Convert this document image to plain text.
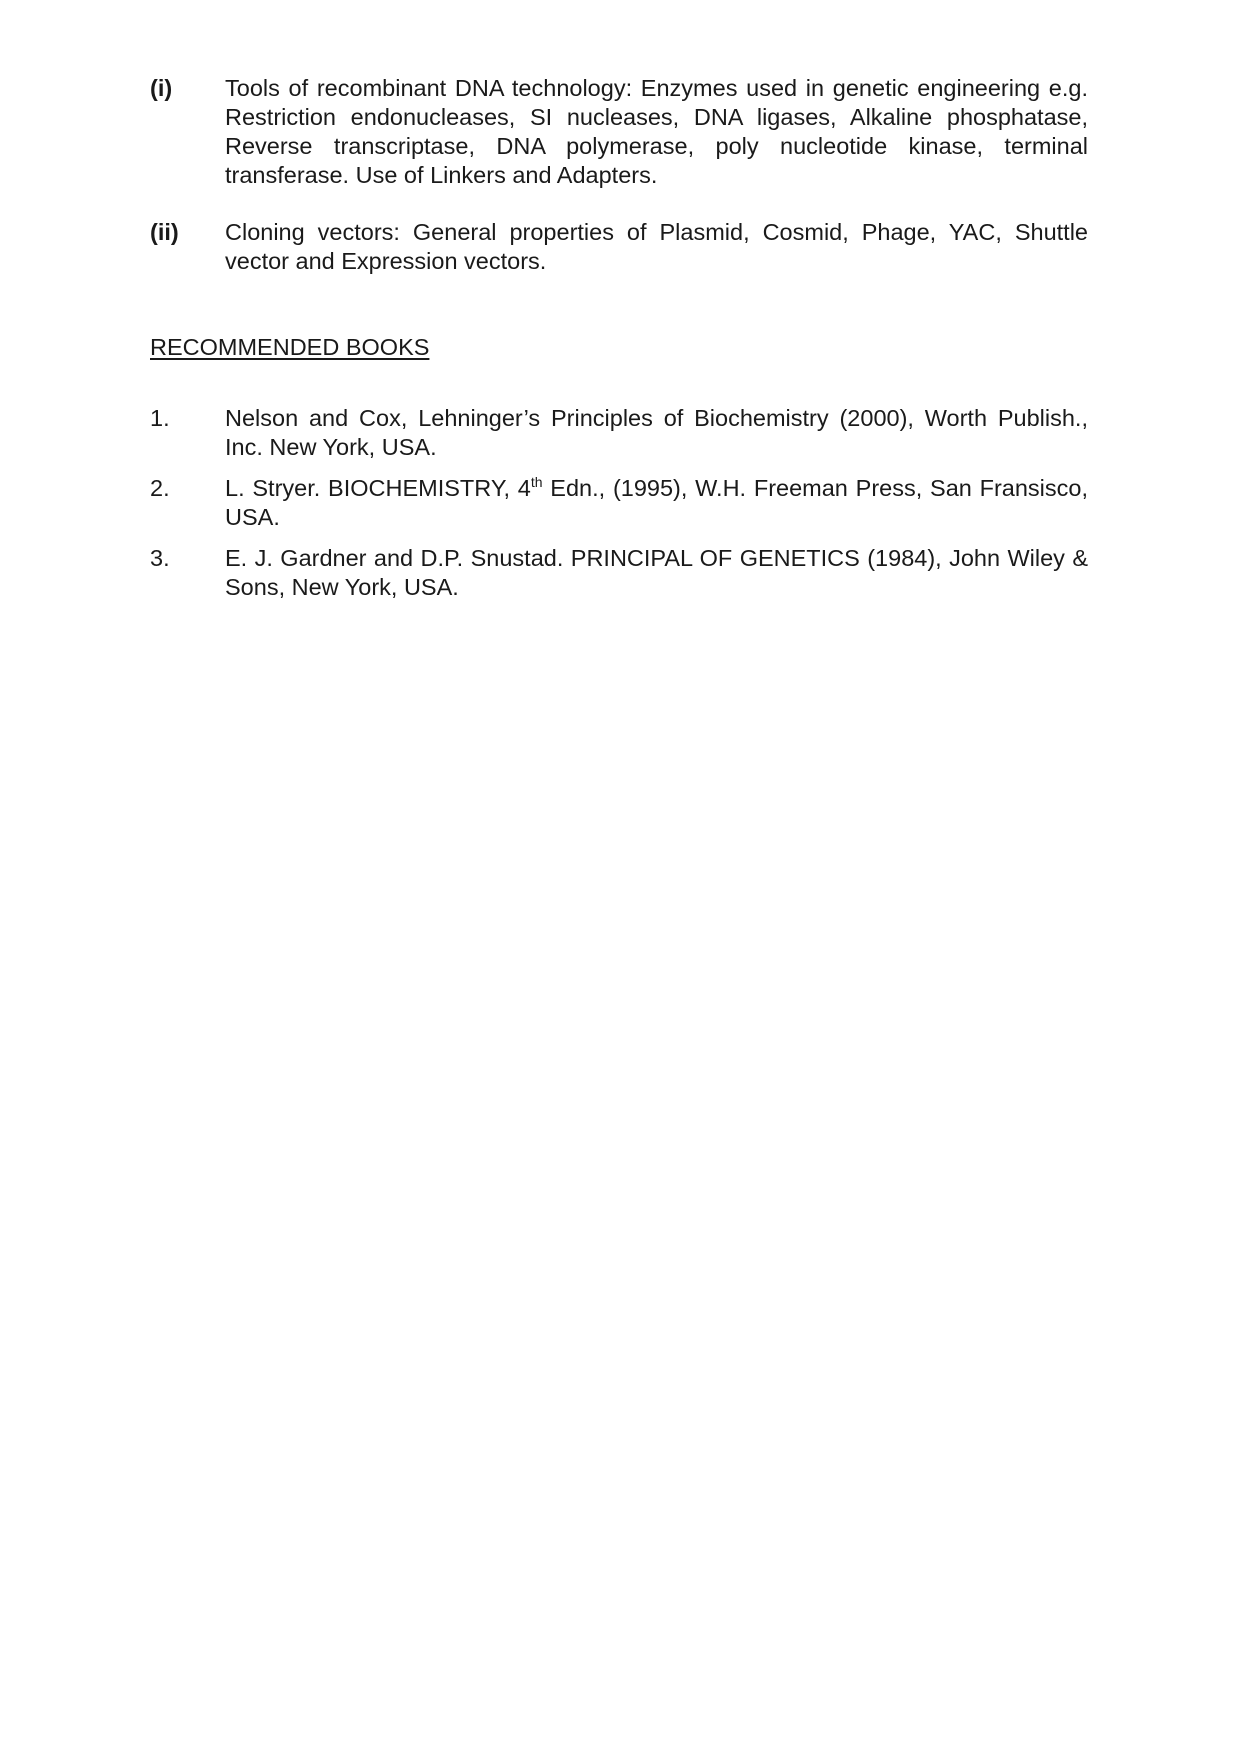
(i)	Tools of recombinant DNA technology: Enzymes used in genetic engineering e.g. Restriction endonucleases, SI nucleases, DNA ligases, Alkaline phosphatase, Reverse transcriptase, DNA polymerase, poly nucleotide kinase, terminal transferase. Use of Linkers and Adapters.
(ii)	Cloning vectors: General properties of Plasmid, Cosmid, Phage, YAC, Shuttle vector and Expression vectors.
RECOMMENDED BOOKS
1.	Nelson and Cox, Lehninger’s Principles of Biochemistry (2000), Worth Publish., Inc. New York, USA.
2.	L. Stryer. BIOCHEMISTRY, 4th Edn., (1995), W.H. Freeman Press, San Fransisco, USA.
3.	E. J. Gardner and D.P. Snustad. PRINCIPAL OF GENETICS (1984), John Wiley & Sons, New York, USA.
